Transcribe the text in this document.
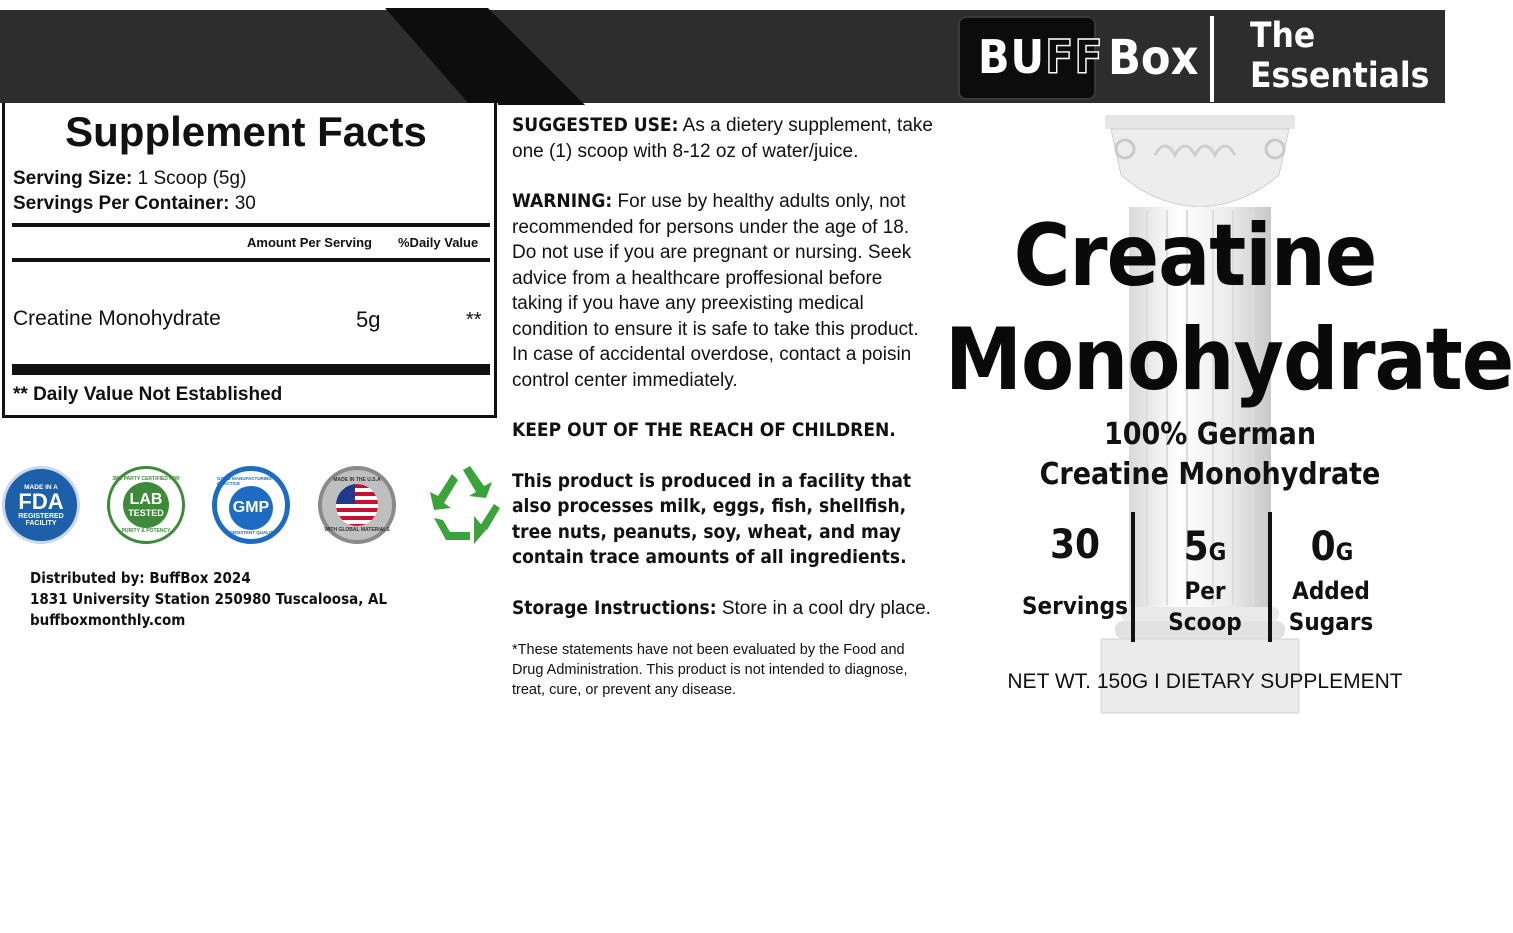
BUFF Box The
Essentials
Supplement Facts
Serving Size: 1 Scoop (5g)
Servings Per Container: 30
Amount Per Serving %Daily Value
Creatine Monohydrate	5g	**
** Daily Value Not Established
MADE IN A
FDA
REGISTERED
FACILITY
3RD PARTY CERTIFIED FOR
LAB
TESTED
PURITY & POTENCY
GOOD MANUFACTURING PRACTICE
GMP
CONSISTENT QUALITY
MADE IN THE U.S.A
WITH GLOBAL MATERIALS
Distributed by: BuffBox 2024
1831 University Station 250980 Tuscaloosa, AL
buffboxmonthly.com

SUGGESTED USE: As a dietery supplement, take one (1) scoop with 8-12 oz of water/juice.

WARNING: For use by healthy adults only, not recommended for persons under the age of 18. Do not use if you are pregnant or nursing. Seek advice from a healthcare proffesional before taking if you have any preexisting medical condition to ensure it is safe to take this product. In case of accidental overdose, contact a poisin control center immediately.

KEEP OUT OF THE REACH OF CHILDREN.

This product is produced in a facility that also processes milk, eggs, fish, shellfish, tree nuts, peanuts, soy, wheat, and may contain trace amounts of all ingredients.

Storage Instructions: Store in a cool dry place.

*These statements have not been evaluated by the Food and Drug Administration. This product is not intended to diagnose, treat, cure, or prevent any disease.

Creatine
Monohydrate
100% German
Creatine Monohydrate
30
Servings
5G
Per
Scoop
0G
Added
Sugars
NET WT. 150G I DIETARY SUPPLEMENT
